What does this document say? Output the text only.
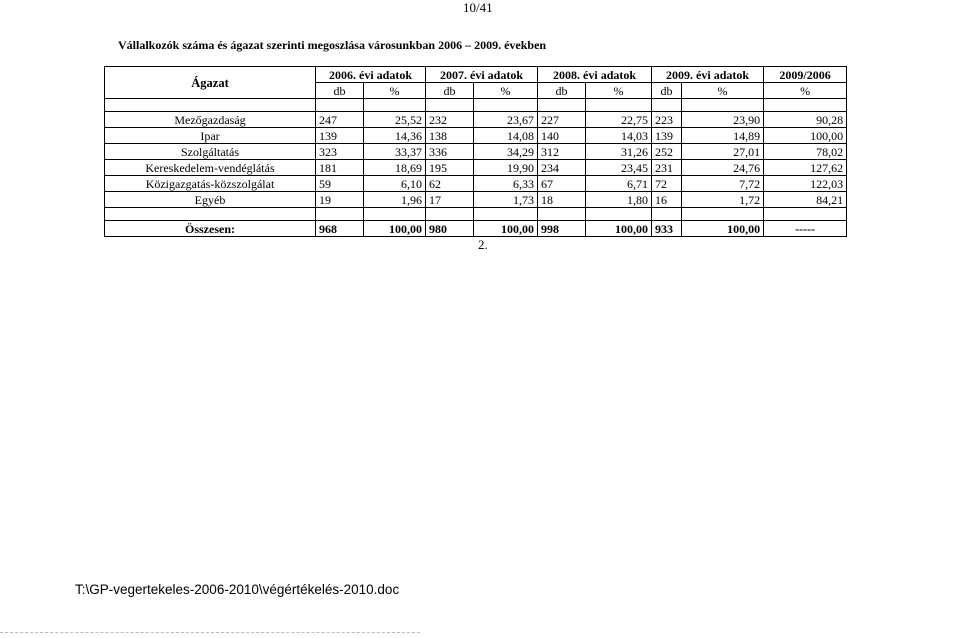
10/41
Vállalkozók száma és ágazat szerinti megoszlása városunkban 2006 – 2009. években
Ágazat	2006. évi adatok		2007. évi adatok		2008. évi adatok		2009. évi adatok		2009/2006
	db	%	db	%	db	%	db	%	%

Mezőgazdaság	247	25,52	232	23,67	227	22,75	223	23,90	90,28
Ipar	139	14,36	138	14,08	140	14,03	139	14,89	100,00
Szolgáltatás	323	33,37	336	34,29	312	31,26	252	27,01	78,02
Kereskedelem-vendéglátás	181	18,69	195	19,90	234	23,45	231	24,76	127,62
Közigazgatás-közszolgálat	59	6,10	62	6,33	67	6,71	72	7,72	122,03
Egyéb	19	1,96	17	1,73	18	1,80	16	1,72	84,21

Összesen:	968	100,00	980	100,00	998	100,00	933	100,00	-----
2.
T:\GP-vegertekeles-2006-2010\végértékelés-2010.doc
